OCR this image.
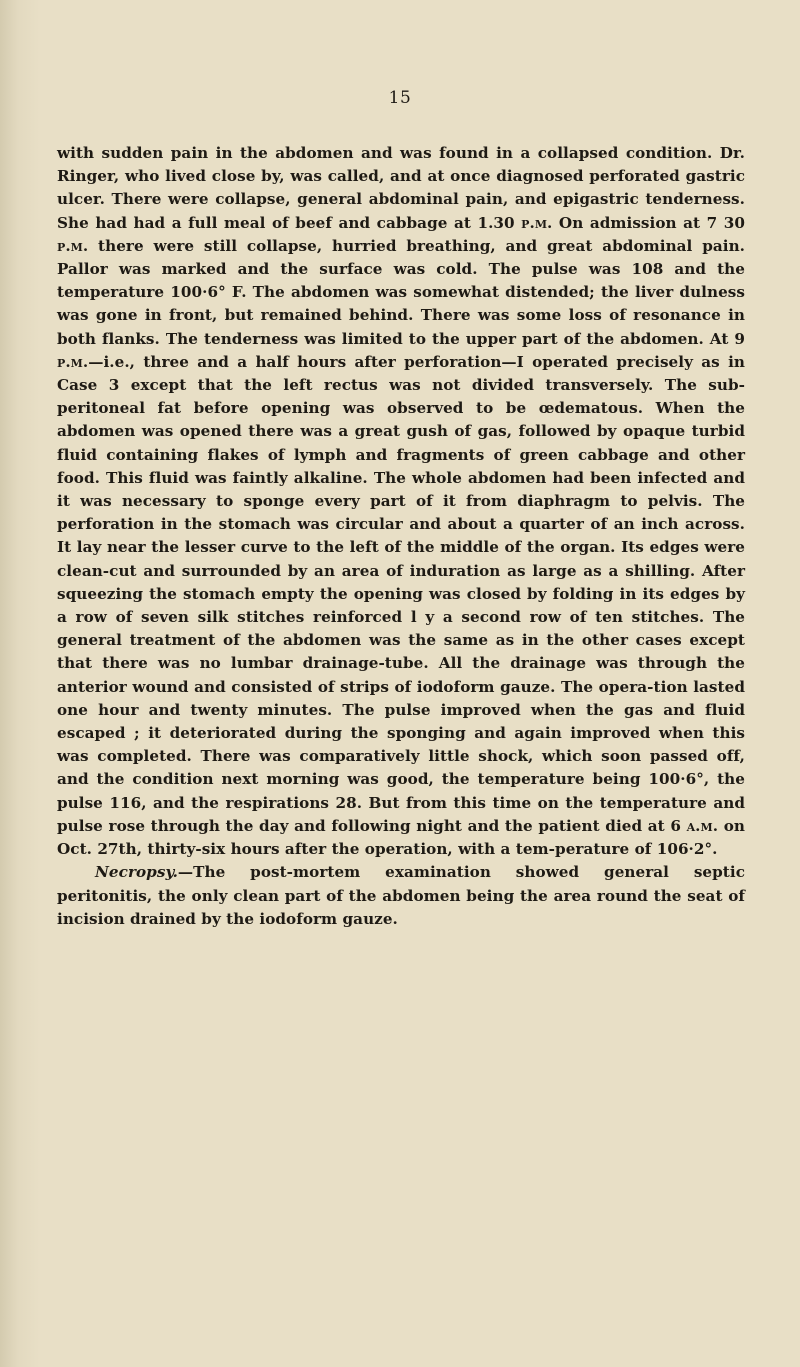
15

with sudden pain in the abdomen and was found in a collapsed condition. Dr. Ringer, who lived close by, was called, and at once diagnosed perforated gastric ulcer. There were collapse, general abdominal pain, and epigastric tenderness. She had had a full meal of beef and cabbage at 1.30 p.m. On admission at 7 30 p.m. there were still collapse, hurried breathing, and great abdominal pain. Pallor was marked and the surface was cold. The pulse was 108 and the temperature 100·6° F. The abdomen was somewhat distended; the liver dulness was gone in front, but remained behind. There was some loss of resonance in both flanks. The tenderness was limited to the upper part of the abdomen. At 9 p.m.—i.e., three and a half hours after perforation—I operated precisely as in Case 3 except that the left rectus was not divided transversely. The sub-peritoneal fat before opening was observed to be œdematous. When the abdomen was opened there was a great gush of gas, followed by opaque turbid fluid containing flakes of lymph and fragments of green cabbage and other food. This fluid was faintly alkaline. The whole abdomen had been infected and it was necessary to sponge every part of it from diaphragm to pelvis. The perforation in the stomach was circular and about a quarter of an inch across. It lay near the lesser curve to the left of the middle of the organ. Its edges were clean-cut and surrounded by an area of induration as large as a shilling. After squeezing the stomach empty the opening was closed by folding in its edges by a row of seven silk stitches reinforced l y a second row of ten stitches. The general treatment of the abdomen was the same as in the other cases except that there was no lumbar drainage-tube. All the drainage was through the anterior wound and consisted of strips of iodoform gauze. The opera-tion lasted one hour and twenty minutes. The pulse improved when the gas and fluid escaped ; it deteriorated during the sponging and again improved when this was completed. There was comparatively little shock, which soon passed off, and the condition next morning was good, the temperature being 100·6°, the pulse 116, and the respirations 28. But from this time on the temperature and pulse rose through the day and following night and the patient died at 6 a.m. on Oct. 27th, thirty-six hours after the operation, with a tem-perature of 106·2°.

Necropsy.—The post-mortem examination showed general septic peritonitis, the only clean part of the abdomen being the area round the seat of incision drained by the iodoform gauze.
